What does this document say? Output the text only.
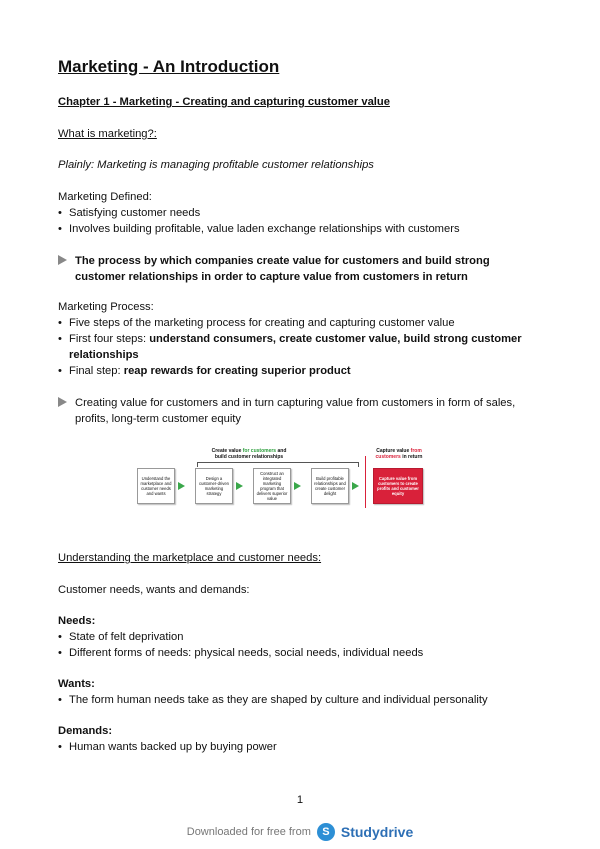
Marketing - An Introduction
Chapter 1 - Marketing - Creating and capturing customer value
What is marketing?:
Plainly: Marketing is managing profitable customer relationships
Marketing Defined:
• Satisfying customer needs
• Involves building profitable, value laden exchange relationships with customers
The process by which companies create value for customers and build strong customer relationships in order to capture value from customers in return
Marketing Process:
• Five steps of the marketing process for creating and capturing customer value
• First four steps: understand consumers, create customer value, build strong customer relationships
• Final step: reap rewards for creating superior product
Creating value for customers and in turn capturing value from customers in form of sales, profits, long-term customer equity
Understanding the marketplace and customer needs:
Customer needs, wants and demands:
Needs:
• State of felt deprivation
• Different forms of needs: physical needs, social needs, individual needs
Wants:
• The form human needs take as they are shaped by culture and individual personality
Demands:
• Human wants backed up by buying power
Create value for customers and
build customer relationships
Capture value from
customers in return
Understand the marketplace and customer needs and wants
Design a customer-driven marketing strategy
Construct an integrated marketing program that delivers superior value
Build profitable relationships and create customer delight
Capture value from customers to create profits and customer equity
1
Downloaded for free from	S Studydrive
